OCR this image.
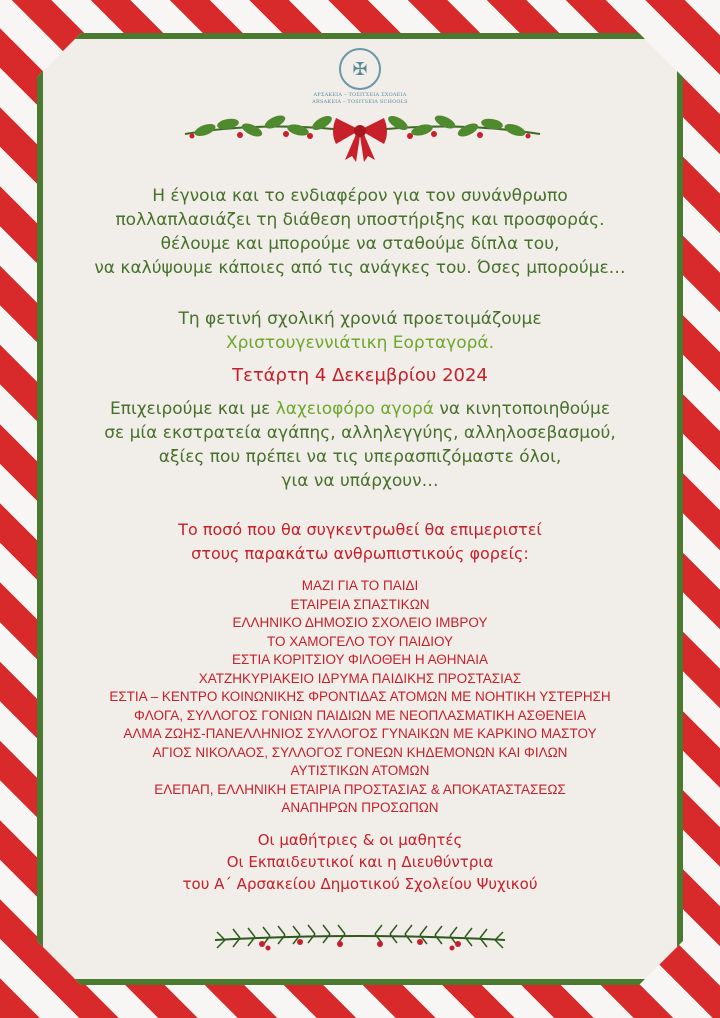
✠
ΑΡΣΑΚΕΙΑ – ΤΟΣΙΤΣΕΙΑ ΣΧΟΛΕΙΑ
ARSAKEIA – TOSITSEIA SCHOOLS
Η έγνοια και το ενδιαφέρον για τον συνάνθρωπο
πολλαπλασιάζει τη διάθεση υποστήριξης και προσφοράς.
θέλουμε και μπορούμε να σταθούμε δίπλα του,
να καλύψουμε κάποιες από τις ανάγκες του. Όσες μπορούμε…
Τη φετινή σχολική χρονιά προετοιμάζουμε
Χριστουγεννιάτικη Εορταγορά.
Τετάρτη 4 Δεκεμβρίου 2024
Επιχειρούμε και με λαχειοφόρο αγορά να κινητοποιηθούμε
σε μία εκστρατεία αγάπης, αλληλεγγύης, αλληλοσεβασμού,
αξίες που πρέπει να τις υπερασπιζόμαστε όλοι,
για να υπάρχουν…
Το ποσό που θα συγκεντρωθεί θα επιμεριστεί
στους παρακάτω ανθρωπιστικούς φορείς:
ΜΑΖΙ ΓΙΑ ΤΟ ΠΑΙΔΙ
ΕΤΑΙΡΕΙΑ ΣΠΑΣΤΙΚΩΝ
ΕΛΛΗΝΙΚΟ ΔΗΜΟΣΙΟ ΣΧΟΛΕΙΟ ΙΜΒΡΟΥ
ΤΟ ΧΑΜΟΓΕΛΟ ΤΟΥ ΠΑΙΔΙΟΥ
ΕΣΤΙΑ ΚΟΡΙΤΣΙΟΥ ΦΙΛΟΘΕΗ Η ΑΘΗΝΑΙΑ
ΧΑΤΖΗΚΥΡΙΑΚΕΙΟ ΙΔΡΥΜΑ ΠΑΙΔΙΚΗΣ ΠΡΟΣΤΑΣΙΑΣ
ΕΣΤΙΑ – ΚΕΝΤΡΟ ΚΟΙΝΩΝΙΚΗΣ ΦΡΟΝΤΙΔΑΣ ΑΤΟΜΩΝ ΜΕ ΝΟΗΤΙΚΗ ΥΣΤΕΡΗΣΗ
ΦΛΟΓΑ, ΣΥΛΛΟΓΟΣ ΓΟΝΙΩΝ ΠΑΙΔΙΩΝ ΜΕ ΝΕΟΠΛΑΣΜΑΤΙΚΗ ΑΣΘΕΝΕΙΑ
ΑΛΜΑ ΖΩΗΣ-ΠΑΝΕΛΛΗΝΙΟΣ ΣΥΛΛΟΓΟΣ ΓΥΝΑΙΚΩΝ ΜΕ ΚΑΡΚΙΝΟ ΜΑΣΤΟΥ
ΑΓΙΟΣ ΝΙΚΟΛΑΟΣ, ΣΥΛΛΟΓΟΣ ΓΟΝΕΩΝ ΚΗΔΕΜΟΝΩΝ ΚΑΙ ΦΙΛΩΝ
ΑΥΤΙΣΤΙΚΩΝ ΑΤΟΜΩΝ
ΕΛΕΠΑΠ, ΕΛΛΗΝΙΚΗ ΕΤΑΙΡΙΑ ΠΡΟΣΤΑΣΙΑΣ & ΑΠΟΚΑΤΑΣΤΑΣΕΩΣ
ΑΝΑΠΗΡΩΝ ΠΡΟΣΩΠΩΝ
Οι μαθήτριες & οι μαθητές
Οι Εκπαιδευτικοί και η Διευθύντρια
του Α΄ Αρσακείου Δημοτικού Σχολείου Ψυχικού
